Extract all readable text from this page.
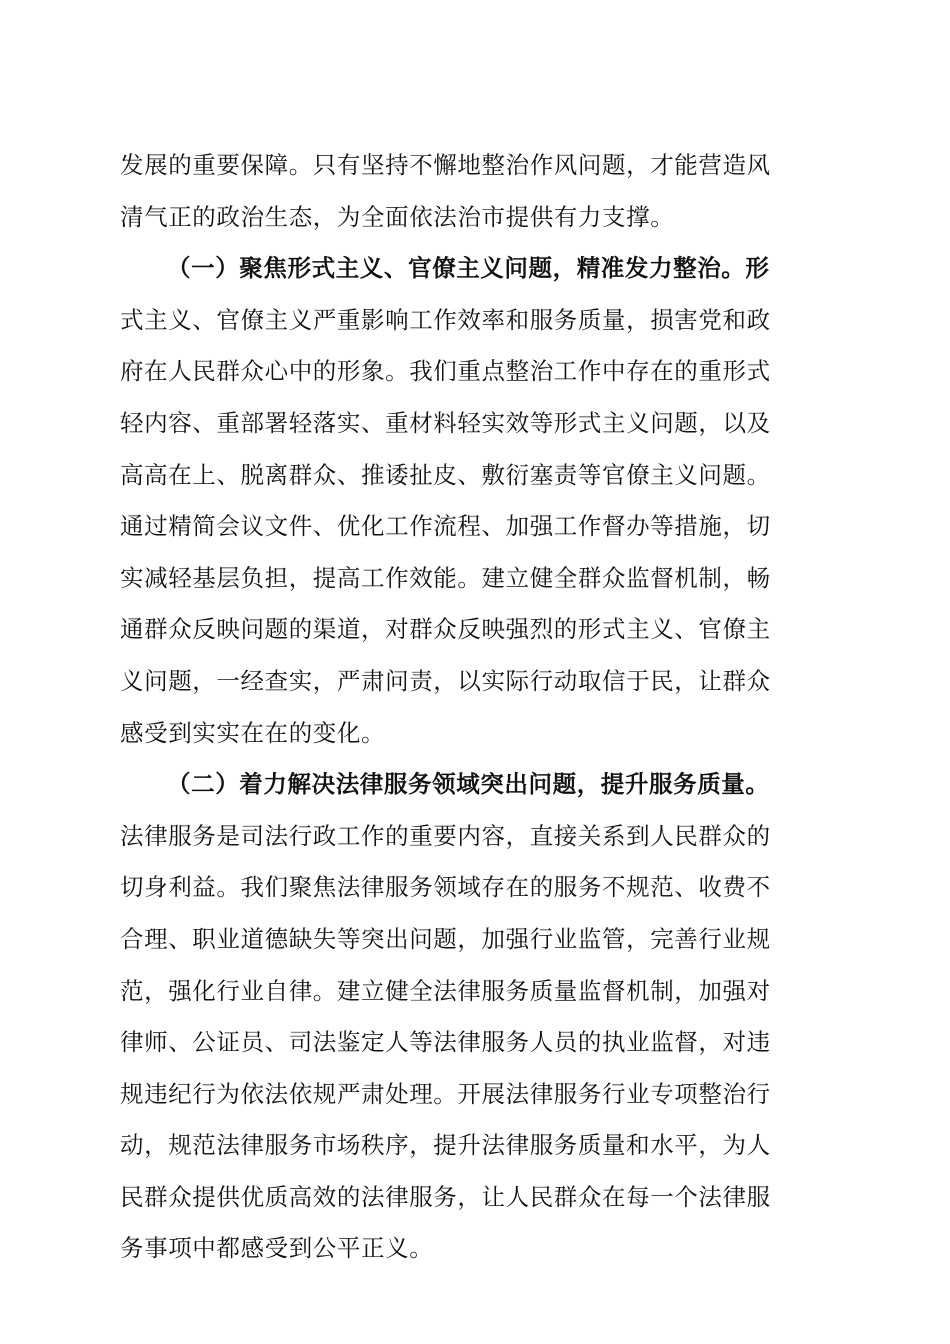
发展的重要保障。只有坚持不懈地整治作风问题，才能营造风
清气正的政治生态，为全面依法治市提供有力支撑。
（一）聚焦形式主义、官僚主义问题，精准发力整治。形
式主义、官僚主义严重影响工作效率和服务质量，损害党和政
府在人民群众心中的形象。我们重点整治工作中存在的重形式
轻内容、重部署轻落实、重材料轻实效等形式主义问题，以及
高高在上、脱离群众、推诿扯皮、敷衍塞责等官僚主义问题。
通过精简会议文件、优化工作流程、加强工作督办等措施，切
实减轻基层负担，提高工作效能。建立健全群众监督机制，畅
通群众反映问题的渠道，对群众反映强烈的形式主义、官僚主
义问题，一经查实，严肃问责，以实际行动取信于民，让群众
感受到实实在在的变化。
（二）着力解决法律服务领域突出问题，提升服务质量。
法律服务是司法行政工作的重要内容，直接关系到人民群众的
切身利益。我们聚焦法律服务领域存在的服务不规范、收费不
合理、职业道德缺失等突出问题，加强行业监管，完善行业规
范，强化行业自律。建立健全法律服务质量监督机制，加强对
律师、公证员、司法鉴定人等法律服务人员的执业监督，对违
规违纪行为依法依规严肃处理。开展法律服务行业专项整治行
动，规范法律服务市场秩序，提升法律服务质量和水平，为人
民群众提供优质高效的法律服务，让人民群众在每一个法律服
务事项中都感受到公平正义。
